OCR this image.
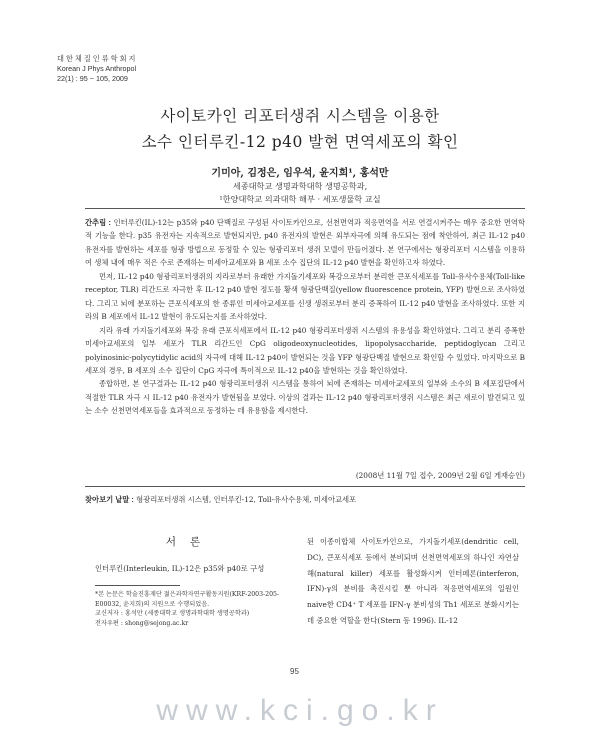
대 한 체 질 인 류 학 회 지
Korean J Phys Anthropol
22(1) : 95 ~ 105, 2009
사이토카인 리포터생쥐 시스템을 이용한
소수 인터루킨-12 p40 발현 면역세포의 확인
기미아, 김정은, 임우석, 윤지희¹, 홍석만
세종대학교 생명과학대학 생명공학과,
¹한양대학교 의과대학 해부 · 세포생물학 교실

간추림 : 인터루킨(IL)-12는 p35와 p40 단백질로 구성된 사이토카인으로, 선천면역과 적응면역을 서로 연결시켜주는 매우 중요한 면역학적 기능을 한다. p35 유전자는 지속적으로 발현되지만, p40 유전자의 발현은 외부자극에 의해 유도되는 점에 착안하여, 최근 IL-12 p40 유전자를 발현하는 세포를 형광 방법으로 동정할 수 있는 형광리포터 생쥐 모델이 만들어졌다. 본 연구에서는 형광리포터 시스템을 이용하여 생체 내에 매우 적은 수로 존재하는 미세아교세포와 B 세포 소수 집단의 IL-12 p40 발현을 확인하고자 하였다.

먼저, IL-12 p40 형광리포터생쥐의 지라로부터 유래한 가지돌기세포와 복강으로부터 분리한 큰포식세포를 Toll-유사수용체(Toll-like receptor, TLR) 리간드로 자극한 후 IL-12 p40 발현 정도를 황색 형광단백질(yellow fluorescence protein, YFP) 발현으로 조사하였다. 그리고 뇌에 분포하는 큰포식세포의 한 종류인 미세아교세포를 신생 생쥐로부터 분리 증폭하여 IL-12 p40 발현을 조사하였다. 또한 지라의 B 세포에서 IL-12 발현이 유도되는지를 조사하였다.

지라 유래 가지돌기세포와 복강 유래 큰포식세포에서 IL-12 p40 형광리포터생쥐 시스템의 유용성을 확인하였다. 그리고 분리 증폭한 미세아교세포의 일부 세포가 TLR 리간드인 CpG oligodeoxynucleotides, lipopolysaccharide, peptidoglycan 그리고 polyinosinic-polycytidylic acid의 자극에 대해 IL-12 p40이 발현되는 것을 YFP 형광단백질 발현으로 확인할 수 있었다. 마지막으로 B 세포의 경우, B 세포의 소수 집단이 CpG 자극에 특이적으로 IL-12 p40을 발현하는 것을 확인하였다.

종합하면, 본 연구결과는 IL-12 p40 형광리포터생쥐 시스템을 통하여 뇌에 존재하는 미세아교세포의 일부와 소수의 B 세포집단에서 적절한 TLR 자극 시 IL-12 p40 유전자가 발현됨을 보였다. 이상의 결과는 IL-12 p40 형광리포터생쥐 시스템은 최근 새로이 발견되고 있는 소수 선천면역세포들을 효과적으로 동정하는 데 유용함을 제시한다.

(2008년 11월 7일 접수, 2009년 2월 6일 게재승인)
찾아보기 낱말 : 형광리포터생쥐 시스템, 인터루킨-12, Toll-유사수용체, 미세아교세포
서론
인터루킨(Interleukin, IL)-12은 p35와 p40로 구성

*본 논문은 학술진흥재단 젊은과학자연구활동지원(KRF-2003-205-E00032, 윤지희)의 지원으로 수행되었음.

교신저자 : 홍석만 (세종대학교 생명과학대학 생명공학과)

전자우편 : shong@sejong.ac.kr

된 이종이합체 사이토카인으로, 가지돌기세포(dendritic cell, DC), 큰포식세포 등에서 분비되며 선천면역세포의 하나인 자연살해(natural killer) 세포를 활성화시켜 인터페론(interferon, IFN)-γ의 분비를 촉진시킬 뿐 아니라 적응면역세포의 일원인 naive한 CD4⁺ T 세포를 IFN-γ 분비성의 Th1 세포로 분화시키는 데 중요한 역할을 한다(Stern 등 1996). IL-12
95
www.kci.go.kr
